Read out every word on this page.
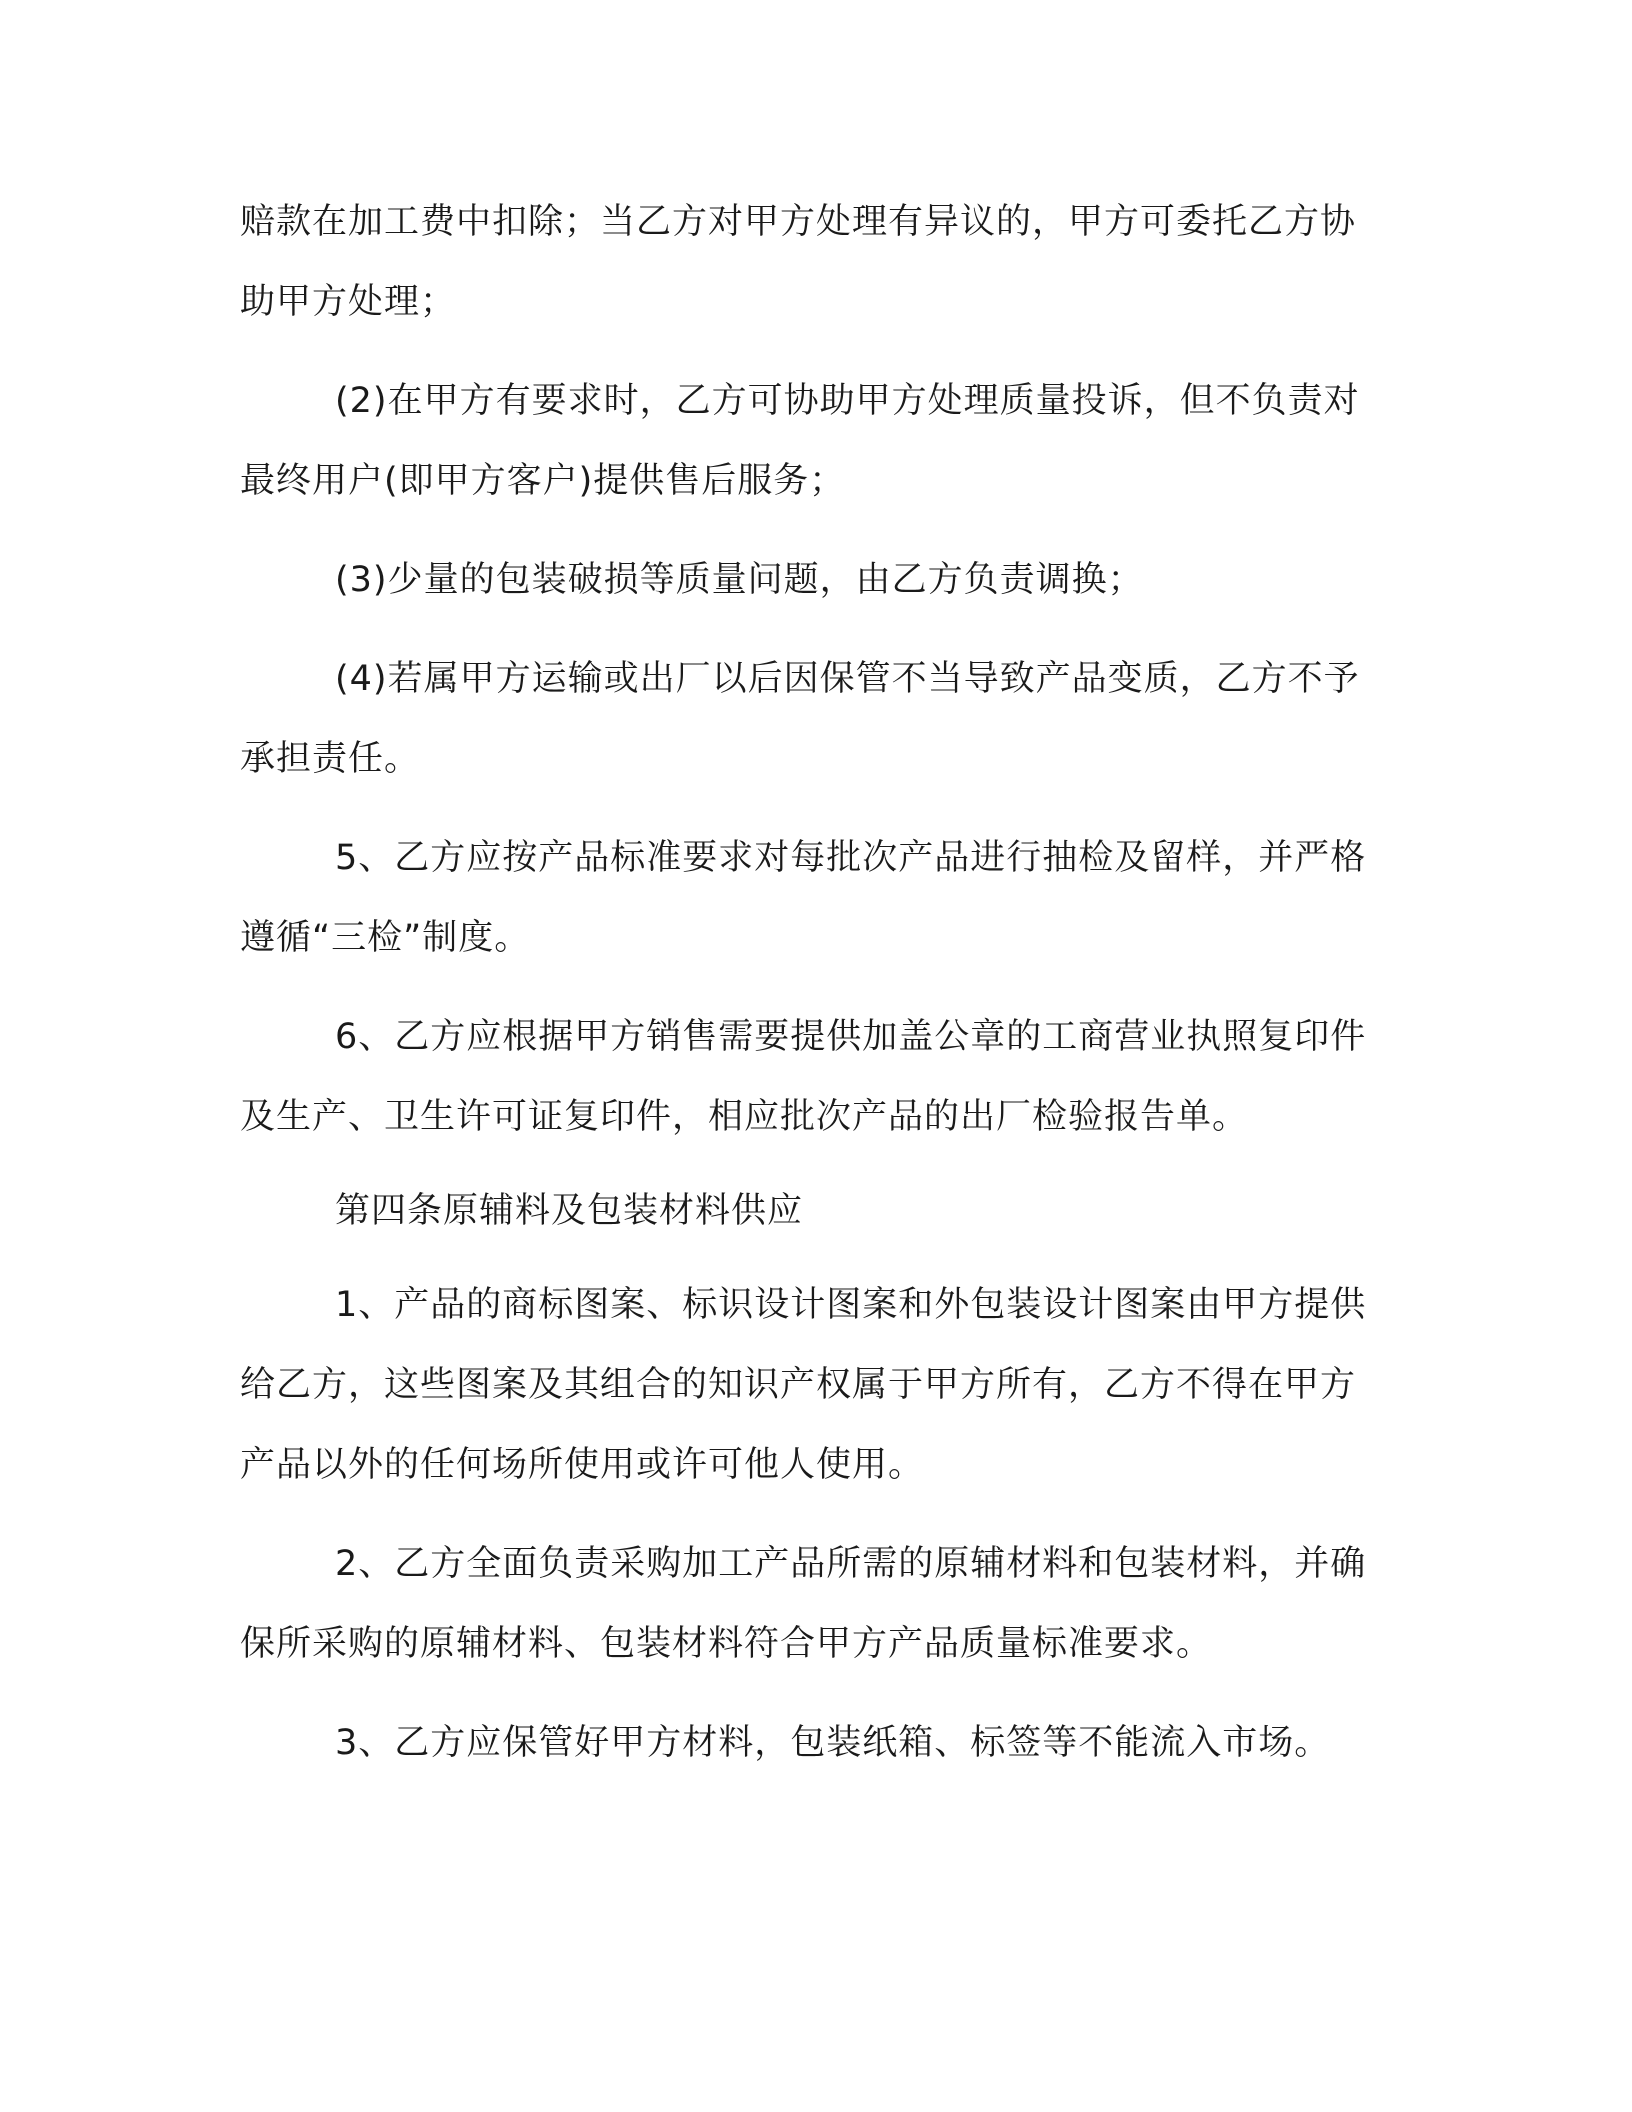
赔款在加工费中扣除；当乙方对甲方处理有异议的，甲方可委托乙方协助甲方处理；

(2)在甲方有要求时，乙方可协助甲方处理质量投诉，但不负责对最终用户(即甲方客户)提供售后服务；

(3)少量的包装破损等质量问题，由乙方负责调换；

(4)若属甲方运输或出厂以后因保管不当导致产品变质，乙方不予承担责任。

5、乙方应按产品标准要求对每批次产品进行抽检及留样，并严格遵循“三检”制度。

6、乙方应根据甲方销售需要提供加盖公章的工商营业执照复印件及生产、卫生许可证复印件，相应批次产品的出厂检验报告单。

第四条原辅料及包装材料供应

1、产品的商标图案、标识设计图案和外包装设计图案由甲方提供给乙方，这些图案及其组合的知识产权属于甲方所有，乙方不得在甲方产品以外的任何场所使用或许可他人使用。

2、乙方全面负责采购加工产品所需的原辅材料和包装材料，并确保所采购的原辅材料、包装材料符合甲方产品质量标准要求。

3、乙方应保管好甲方材料，包装纸箱、标签等不能流入市场。
